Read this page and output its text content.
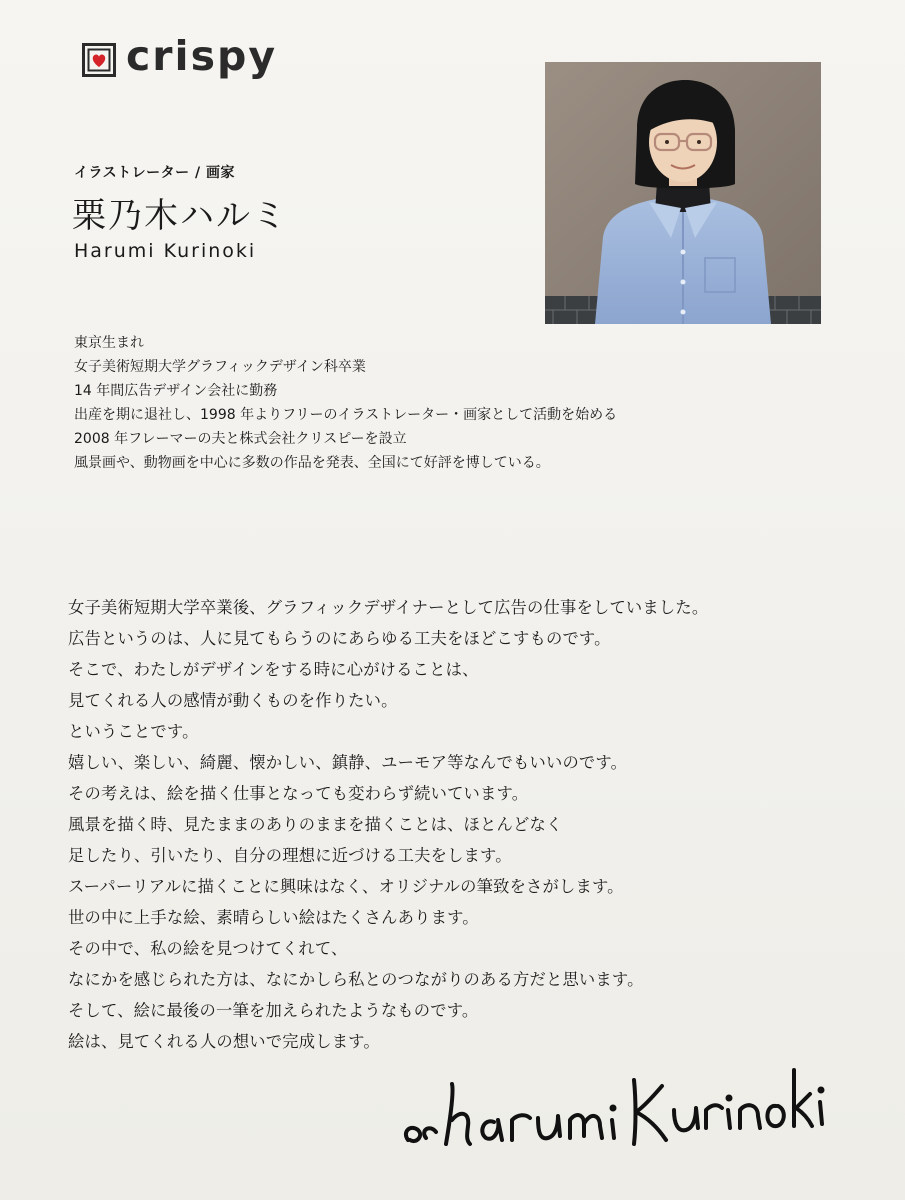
crispy
イラストレーター / 画家
栗乃木ハルミ
Harumi Kurinoki
東京生まれ
女子美術短期大学グラフィックデザイン科卒業
14 年間広告デザイン会社に勤務
出産を期に退社し、1998 年よりフリーのイラストレーター・画家として活動を始める
2008 年フレーマーの夫と株式会社クリスピーを設立
風景画や、動物画を中心に多数の作品を発表、全国にて好評を博している。
女子美術短期大学卒業後、グラフィックデザイナーとして広告の仕事をしていました。
広告というのは、人に見てもらうのにあらゆる工夫をほどこすものです。
そこで、わたしがデザインをする時に心がけることは、
見てくれる人の感情が動くものを作りたい。
ということです。
嬉しい、楽しい、綺麗、懐かしい、鎮静、ユーモア等なんでもいいのです。
その考えは、絵を描く仕事となっても変わらず続いています。
風景を描く時、見たままのありのままを描くことは、ほとんどなく
足したり、引いたり、自分の理想に近づける工夫をします。
スーパーリアルに描くことに興味はなく、オリジナルの筆致をさがします。
世の中に上手な絵、素晴らしい絵はたくさんあります。
その中で、私の絵を見つけてくれて、
なにかを感じられた方は、なにかしら私とのつながりのある方だと思います。
そして、絵に最後の一筆を加えられたようなものです。
絵は、見てくれる人の想いで完成します。
